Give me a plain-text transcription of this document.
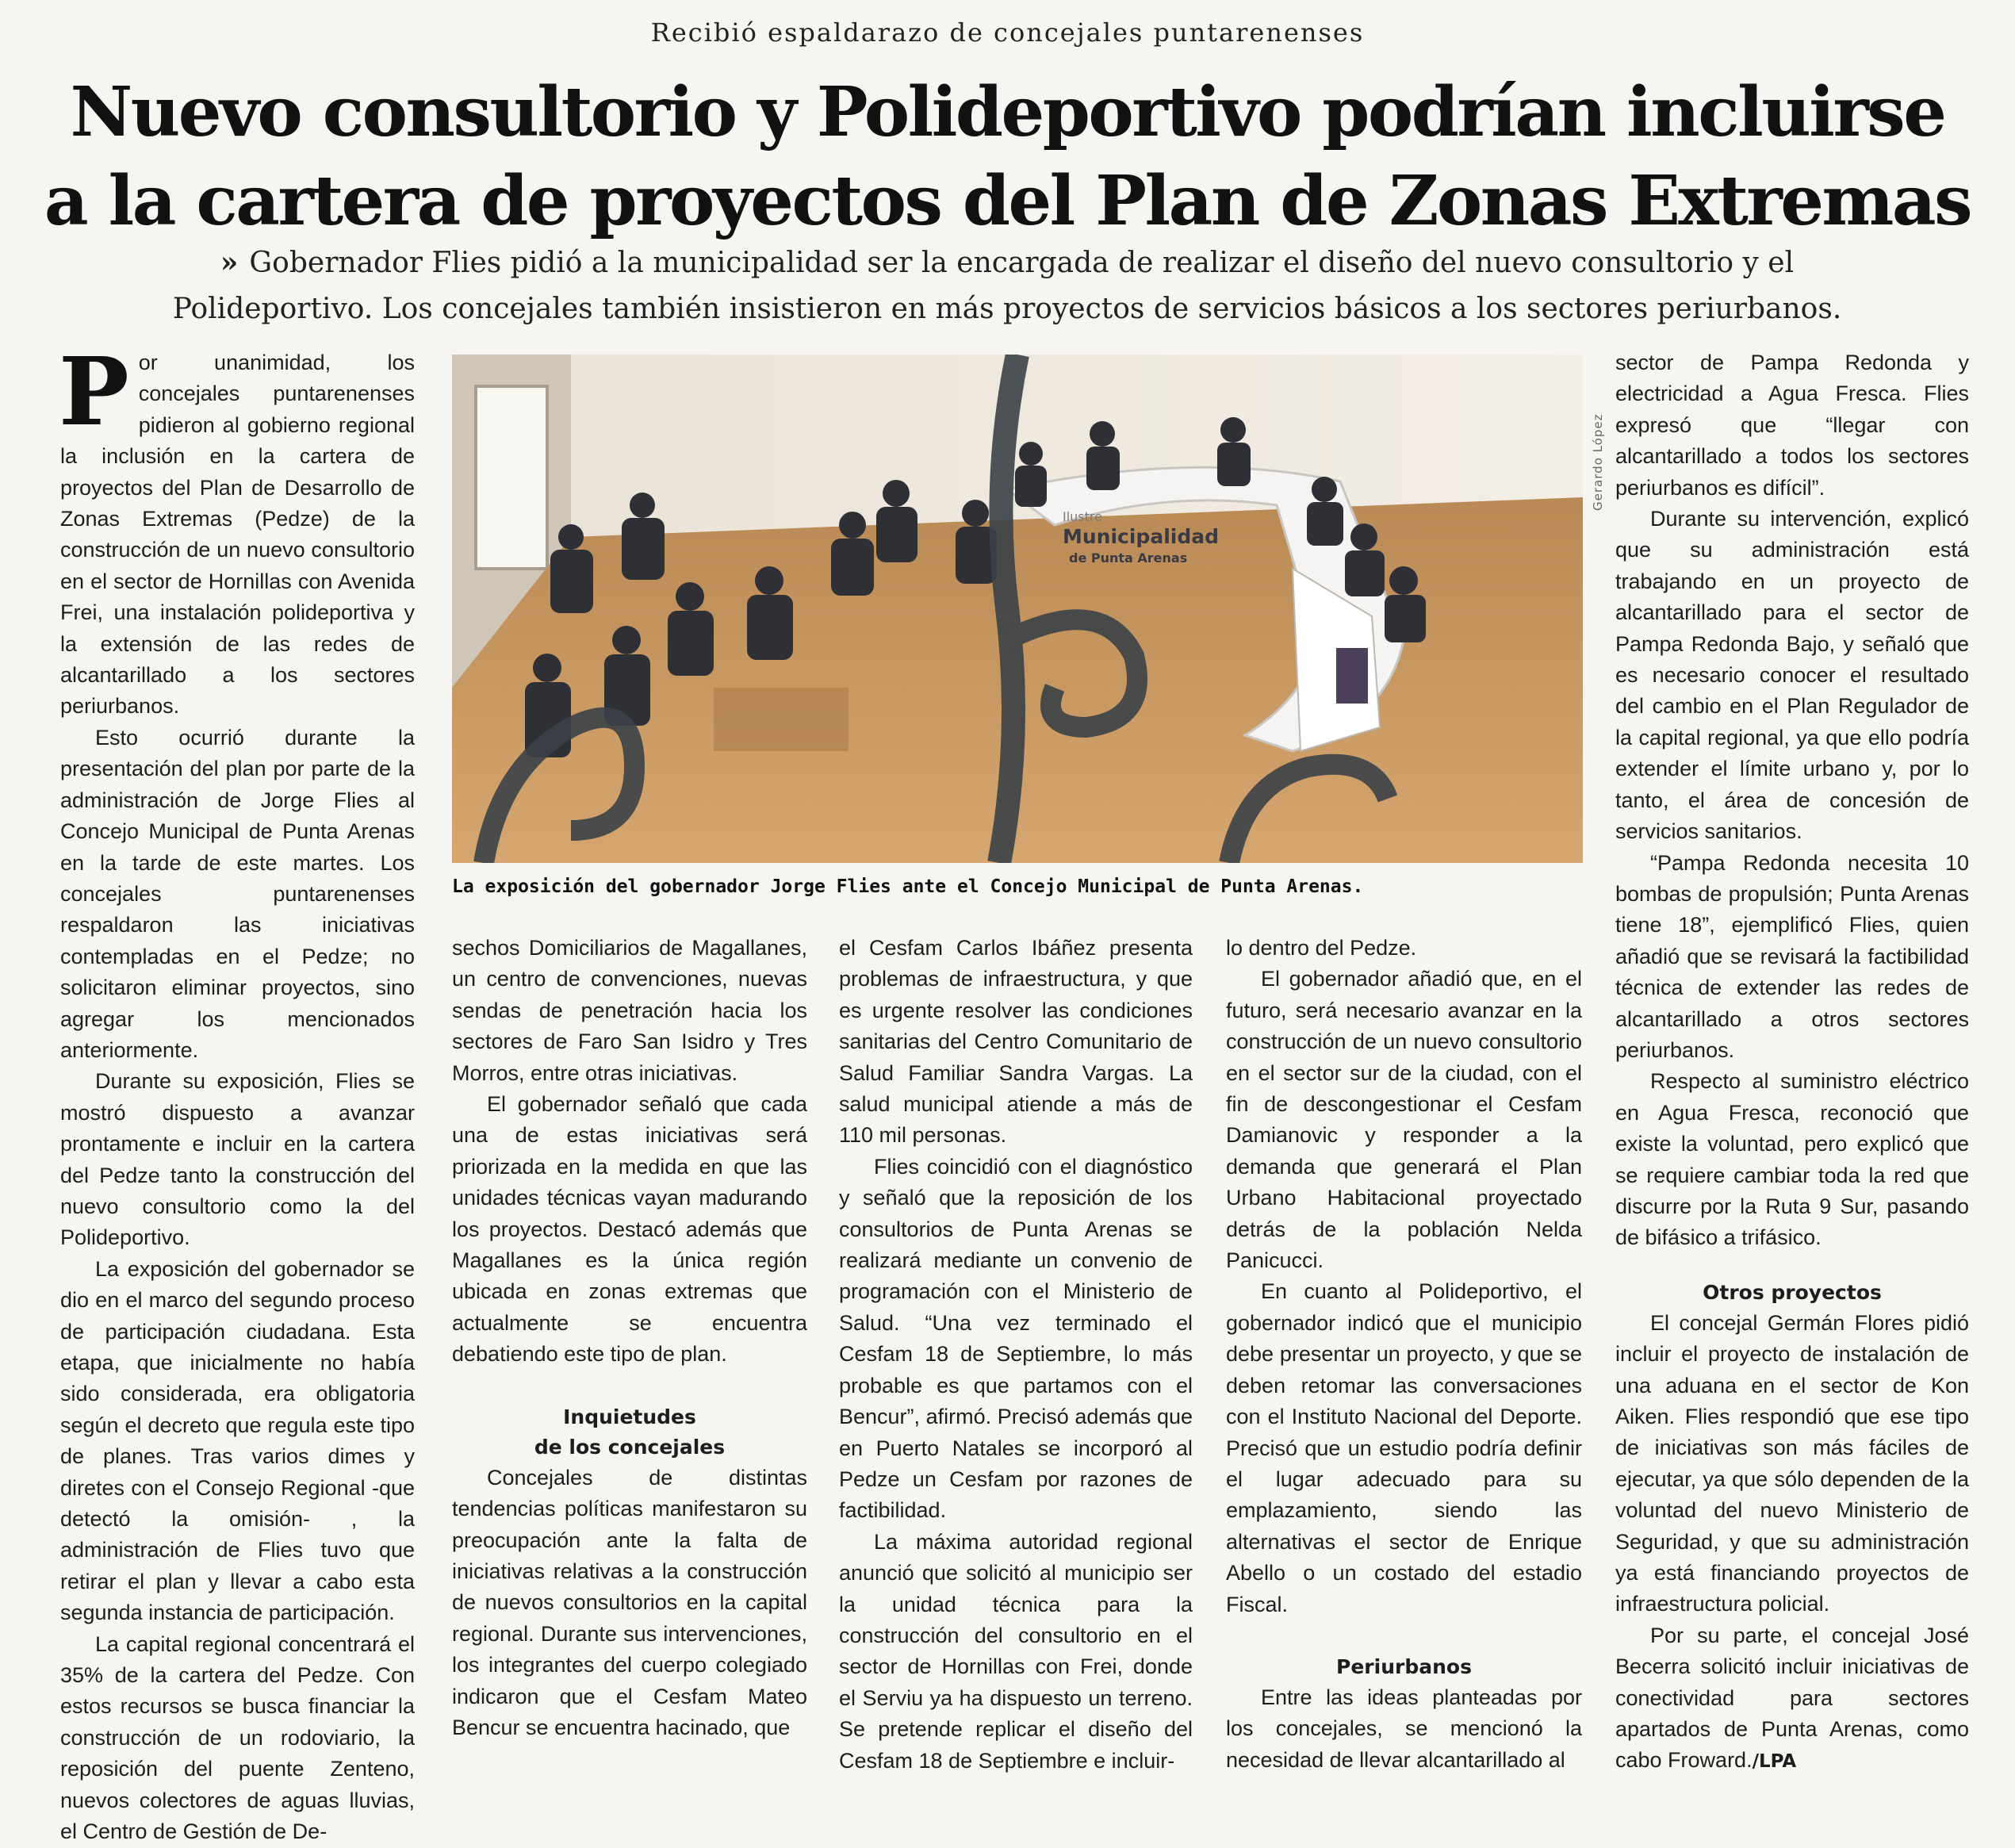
Recibió espaldarazo de concejales puntarenenses
Nuevo consultorio y Polideportivo podrían incluirse
a la cartera de proyectos del Plan de Zonas Extremas
» Gobernador Flies pidió a la municipalidad ser la encargada de realizar el diseño del nuevo consultorio y el Polideportivo. Los concejales también insistieron en más proyectos de servicios básicos a los sectores periurbanos.

Por unanimidad, los concejales puntarenenses pidieron al gobierno regional la inclusión en la cartera de proyectos del Plan de Desarrollo de Zonas Extremas (Pedze) de la construcción de un nuevo consultorio en el sector de Hornillas con Avenida Frei, una instalación polideportiva y la extensión de las redes de alcantarillado a los sectores periurbanos.

Esto ocurrió durante la presentación del plan por parte de la administración de Jorge Flies al Concejo Municipal de Punta Arenas en la tarde de este martes. Los concejales puntarenenses respaldaron las iniciativas contempladas en el Pedze; no solicitaron eliminar proyectos, sino agregar los mencionados anteriormente.

Durante su exposición, Flies se mostró dispuesto a avanzar prontamente e incluir en la cartera del Pedze tanto la construcción del nuevo consultorio como la del Polideportivo.

La exposición del gobernador se dio en el marco del segundo proceso de participación ciudadana. Esta etapa, que inicialmente no había sido considerada, era obligatoria según el decreto que regula este tipo de planes. Tras varios dimes y diretes con el Consejo Regional -que detectó la omisión- , la administración de Flies tuvo que retirar el plan y llevar a cabo esta segunda instancia de participación.

La capital regional concentrará el 35% de la cartera del Pedze. Con estos recursos se busca financiar la construcción de un rodoviario, la reposición del puente Zenteno, nuevos colectores de aguas lluvias, el Centro de Gestión de De-

Ilustre
Municipalidad
de Punta Arenas
Gerardo López
La exposición del gobernador Jorge Flies ante el Concejo Municipal de Punta Arenas.

sechos Domiciliarios de Magallanes, un centro de convenciones, nuevas sendas de penetración hacia los sectores de Faro San Isidro y Tres Morros, entre otras iniciativas.

El gobernador señaló que cada una de estas iniciativas será priorizada en la medida en que las unidades técnicas vayan madurando los proyectos. Destacó además que Magallanes es la única región ubicada en zonas extremas que actualmente se encuentra debatiendo este tipo de plan.

Inquietudes
de los concejales

Concejales de distintas tendencias políticas manifestaron su preocupación ante la falta de iniciativas relativas a la construcción de nuevos consultorios en la capital regional. Durante sus intervenciones, los integrantes del cuerpo colegiado indicaron que el Cesfam Mateo Bencur se encuentra hacinado, que

el Cesfam Carlos Ibáñez presenta problemas de infraestructura, y que es urgente resolver las condiciones sanitarias del Centro Comunitario de Salud Familiar Sandra Vargas. La salud municipal atiende a más de 110 mil personas.

Flies coincidió con el diagnóstico y señaló que la reposición de los consultorios de Punta Arenas se realizará mediante un convenio de programación con el Ministerio de Salud. “Una vez terminado el Cesfam 18 de Septiembre, lo más probable es que partamos con el Bencur”, afirmó. Precisó además que en Puerto Natales se incorporó al Pedze un Cesfam por razones de factibilidad.

La máxima autoridad regional anunció que solicitó al municipio ser la unidad técnica para la construcción del consultorio en el sector de Hornillas con Frei, donde el Serviu ya ha dispuesto un terreno. Se pretende replicar el diseño del Cesfam 18 de Septiembre e incluir-

lo dentro del Pedze.

El gobernador añadió que, en el futuro, será necesario avanzar en la construcción de un nuevo consultorio en el sector sur de la ciudad, con el fin de descongestionar el Cesfam Damianovic y responder a la demanda que generará el Plan Urbano Habitacional proyectado detrás de la población Nelda Panicucci.

En cuanto al Polideportivo, el gobernador indicó que el municipio debe presentar un proyecto, y que se deben retomar las conversaciones con el Instituto Nacional del Deporte. Precisó que un estudio podría definir el lugar adecuado para su emplazamiento, siendo las alternativas el sector de Enrique Abello o un costado del estadio Fiscal.

Periurbanos

Entre las ideas planteadas por los concejales, se mencionó la necesidad de llevar alcantarillado al

sector de Pampa Redonda y electricidad a Agua Fresca. Flies expresó que “llegar con alcantarillado a todos los sectores periurbanos es difícil”.

Durante su intervención, explicó que su administración está trabajando en un proyecto de alcantarillado para el sector de Pampa Redonda Bajo, y señaló que es necesario conocer el resultado del cambio en el Plan Regulador de la capital regional, ya que ello podría extender el límite urbano y, por lo tanto, el área de concesión de servicios sanitarios.

“Pampa Redonda necesita 10 bombas de propulsión; Punta Arenas tiene 18”, ejemplificó Flies, quien añadió que se revisará la factibilidad técnica de extender las redes de alcantarillado a otros sectores periurbanos.

Respecto al suministro eléctrico en Agua Fresca, reconoció que existe la voluntad, pero explicó que se requiere cambiar toda la red que discurre por la Ruta 9 Sur, pasando de bifásico a trifásico.

Otros proyectos

El concejal Germán Flores pidió incluir el proyecto de instalación de una aduana en el sector de Kon Aiken. Flies respondió que ese tipo de iniciativas son más fáciles de ejecutar, ya que sólo dependen de la voluntad del nuevo Ministerio de Seguridad, y que su administración ya está financiando proyectos de infraestructura policial.

Por su parte, el concejal José Becerra solicitó incluir iniciativas de conectividad para sectores apartados de Punta Arenas, como cabo Froward./LPA
